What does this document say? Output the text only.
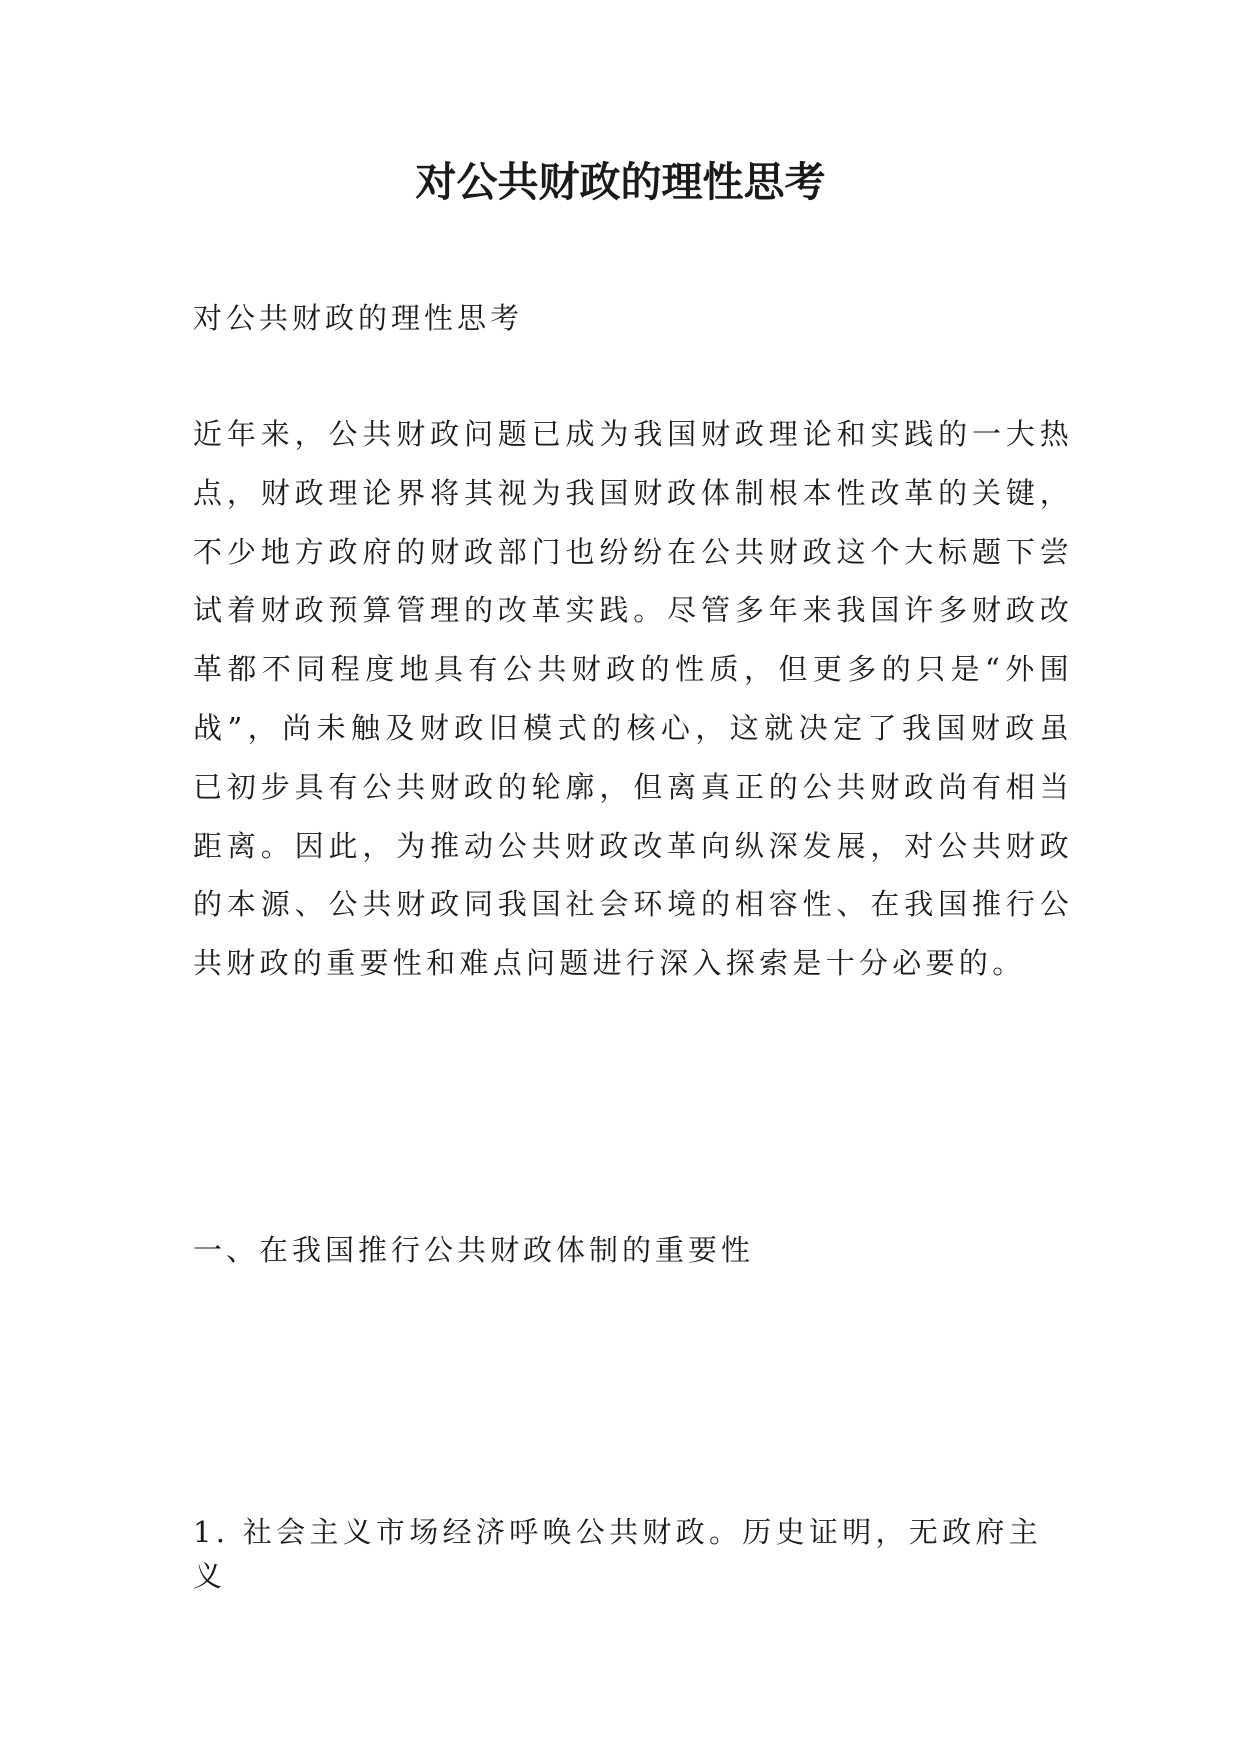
对公共财政的理性思考

对公共财政的理性思考

近年来，公共财政问题已成为我国财政理论和实践的一大热点，财政理论界将其视为我国财政体制根本性改革的关键，不少地方政府的财政部门也纷纷在公共财政这个大标题下尝试着财政预算管理的改革实践。尽管多年来我国许多财政改革都不同程度地具有公共财政的性质，但更多的只是“外围战”，尚未触及财政旧模式的核心，这就决定了我国财政虽已初步具有公共财政的轮廓，但离真正的公共财政尚有相当距离。因此，为推动公共财政改革向纵深发展，对公共财政的本源、公共财政同我国社会环境的相容性、在我国推行公共财政的重要性和难点问题进行深入探索是十分必要的。

一、在我国推行公共财政体制的重要性

1. 社会主义市场经济呼唤公共财政。历史证明，无政府主义
